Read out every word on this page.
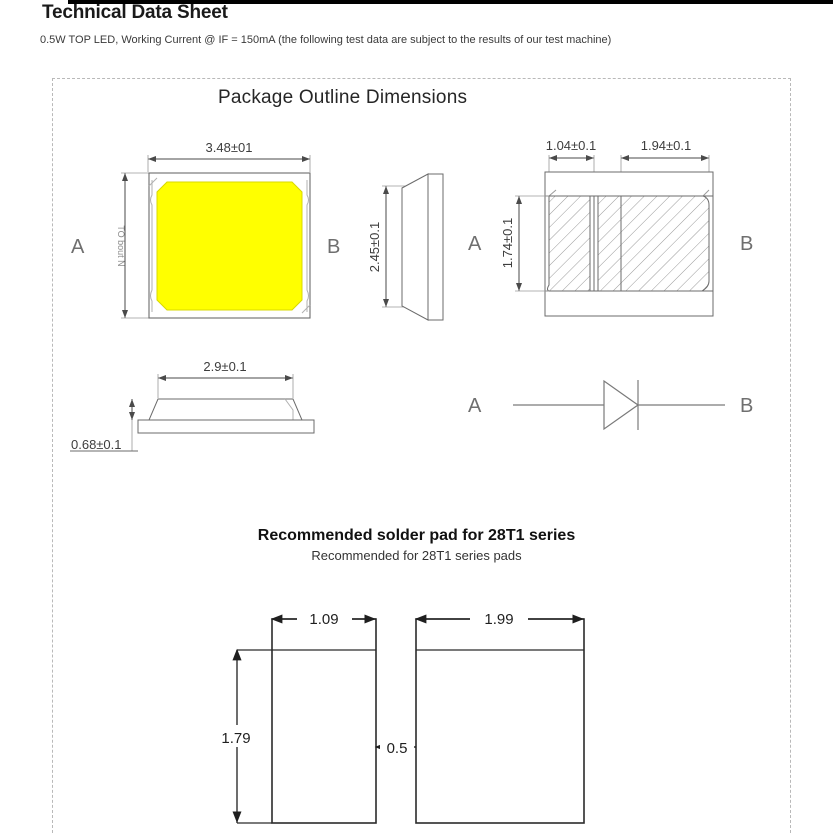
Technical Data Sheet
0.5W TOP LED, Working Current @ IF = 150mA (the following test data are subject to the results of our test machine)
Package Outline Dimensions
Recommended solder pad for 28T1 series
Recommended for 28T1 series pads
3.48±01
TO bout N
A	B 2.45±0.1
1.04±0.1	1.94±0.1
1.74±0.1
A	B
2.9±0.1
0.68±0.1
A	B
1.09	1.99
1.79
0.5
